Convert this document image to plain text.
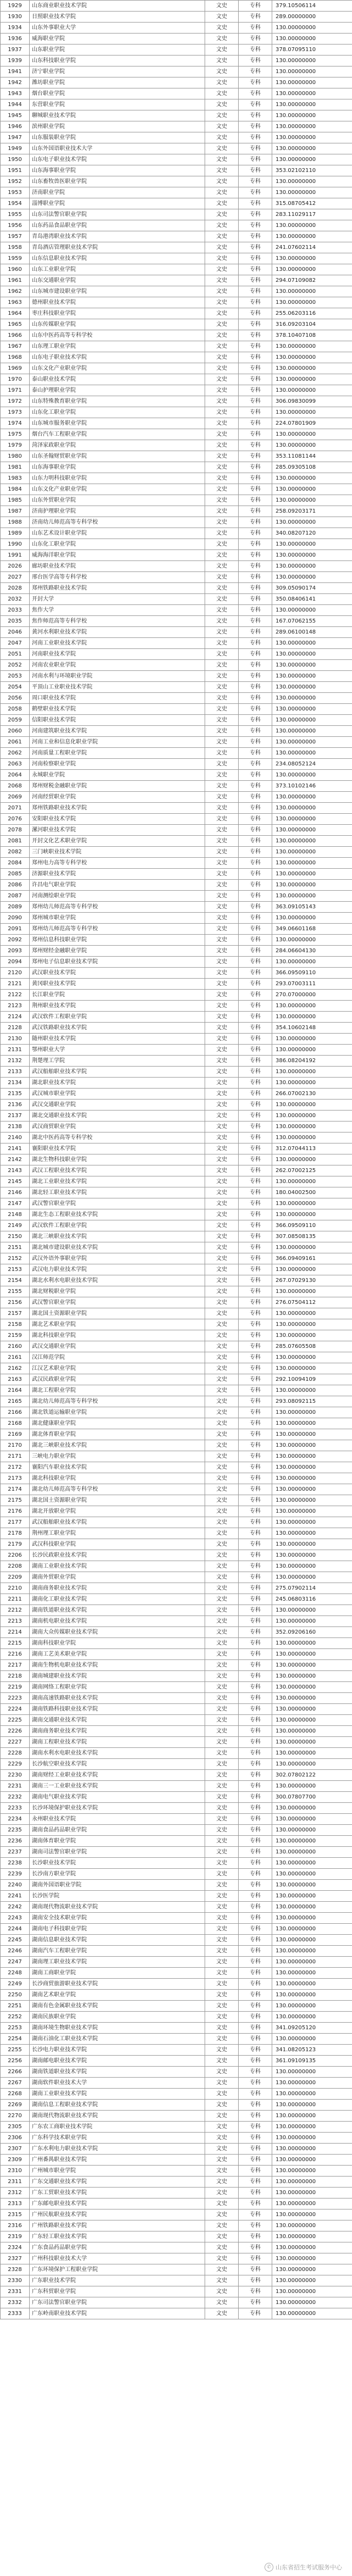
1929	山东商业职业技术学院	文史	专科	379.10506114
1930	日照职业技术学院	文史	专科	289.00000000
1934	山东外事职业大学	文史	专科	130.00000000
1936	威海职业学院	文史	专科	130.00000000
1937	山东职业学院	文史	专科	378.07095110
1939	山东科技职业学院	文史	专科	130.00000000
1941	济宁职业学院	文史	专科	130.00000000
1942	潍坊职业学院	文史	专科	130.00000000
1943	烟台职业学院	文史	专科	130.00000000
1944	东营职业学院	文史	专科	130.00000000
1945	聊城职业技术学院	文史	专科	130.00000000
1946	滨州职业学院	文史	专科	130.00000000
1947	山东服装职业学院	文史	专科	130.00000000
1949	山东外国语职业技术大学	文史	专科	130.00000000
1950	山东电子职业技术学院	文史	专科	130.00000000
1951	山东海事职业学院	文史	专科	353.02102110
1952	山东畜牧兽医职业学院	文史	专科	130.00000000
1953	济南职业学院	文史	专科	130.00000000
1954	淄博职业学院	文史	专科	315.08705412
1955	山东司法警官职业学院	文史	专科	283.11029117
1956	山东药品食品职业学院	文史	专科	130.00000000
1957	青岛港湾职业技术学院	文史	专科	130.00000000
1958	青岛酒店管理职业技术学院	文史	专科	241.07602114
1959	山东信息职业技术学院	文史	专科	130.00000000
1960	山东工业职业学院	文史	专科	130.00000000
1961	山东交通职业学院	文史	专科	294.07109082
1962	山东城市建设职业学院	文史	专科	130.00000000
1963	德州职业技术学院	文史	专科	130.00000000
1964	枣庄科技职业学院	文史	专科	255.06203116
1965	山东传媒职业学院	文史	专科	316.09203104
1966	山东中医药高等专科学校	文史	专科	378.10407108
1967	山东理工职业学院	文史	专科	130.00000000
1968	山东电子职业技术学院	文史	专科	130.00000000
1969	山东文化产业职业学院	文史	专科	130.00000000
1970	泰山职业技术学院	文史	专科	130.00000000
1971	泰山护理职业学院	文史	专科	130.00000000
1972	山东特殊教育职业学院	文史	专科	306.09830099
1973	山东化工职业学院	文史	专科	130.00000000
1974	山东城市服务职业学院	文史	专科	224.07801909
1975	烟台汽车工程职业学院	文史	专科	130.00000000
1979	菏泽家政职业学院	文史	专科	130.00000000
1980	山东圣翰财贸职业学院	文史	专科	353.11081144
1981	山东海事职业学院	文史	专科	285.09305108
1983	山东力明科技职业学院	文史	专科	130.00000000
1984	山东文化产业职业学院	文史	专科	130.00000000
1985	山东外贸职业学院	文史	专科	130.00000000
1987	济南护理职业学院	文史	专科	258.09203171
1988	济南幼儿师范高等专科学校	文史	专科	130.00000000
1989	山东艺术设计职业学院	文史	专科	340.08207120
1990	山东化工职业学院	文史	专科	130.00000000
1991	威海海洋职业学院	文史	专科	130.00000000
2026	廊坊职业技术学院	文史	专科	130.00000000
2027	邢台医学高等专科学校	文史	专科	130.00000000
2028	郑州铁路职业技术学院	文史	专科	309.05090174
2032	开封大学	文史	专科	350.08406141
2033	焦作大学	文史	专科	130.00000000
2035	焦作师范高等专科学校	文史	专科	167.07062155
2046	黄河水利职业技术学院	文史	专科	289.06100148
2047	河南工业职业技术学院	文史	专科	130.00000000
2051	河南职业技术学院	文史	专科	130.00000000
2052	河南农业职业学院	文史	专科	130.00000000
2053	河南水利与环境职业学院	文史	专科	130.00000000
2054	平顶山工业职业技术学院	文史	专科	130.00000000
2056	周口职业技术学院	文史	专科	130.00000000
2058	鹤壁职业技术学院	文史	专科	130.00000000
2059	信阳职业技术学院	文史	专科	130.00000000
2060	河南建筑职业技术学院	文史	专科	130.00000000
2061	河南工业和信息化职业学院	文史	专科	130.00000000
2062	河南质量工程职业学院	文史	专科	130.00000000
2063	河南检察职业学院	文史	专科	234.08052124
2064	永城职业学院	文史	专科	130.00000000
2068	郑州财税金融职业学院	文史	专科	373.10102146
2069	河南经贸职业学院	文史	专科	130.00000000
2071	郑州铁路职业技术学院	文史	专科	130.00000000
2076	安阳职业技术学院	文史	专科	130.00000000
2078	漯河职业技术学院	文史	专科	130.00000000
2081	开封文化艺术职业学院	文史	专科	130.00000000
2082	三门峡职业技术学院	文史	专科	130.00000000
2084	郑州电力高等专科学校	文史	专科	130.00000000
2085	济源职业技术学院	文史	专科	130.00000000
2086	许昌电气职业学院	文史	专科	130.00000000
2087	河南测绘职业学院	文史	专科	130.00000000
2089	郑州幼儿师范高等专科学校	文史	专科	363.09105143
2090	郑州城市职业学院	文史	专科	130.00000000
2091	郑州幼儿师范高等专科学校	文史	专科	349.06601168
2092	郑州信息科技职业学院	文史	专科	130.00000000
2093	郑州财经金融职业学院	文史	专科	284.06604130
2094	郑州电子信息职业技术学院	文史	专科	130.00000000
2120	武汉职业技术学院	文史	专科	366.09509110
2121	黄冈职业技术学院	文史	专科	293.07003111
2122	长江职业学院	文史	专科	270.07000000
2123	荆州职业技术学院	文史	专科	130.00000000
2124	武汉软件工程职业学院	文史	专科	130.00000000
2128	武汉铁路职业技术学院	文史	专科	354.10602148
2130	随州职业技术学院	文史	专科	130.00000000
2131	鄂州职业大学	文史	专科	130.00000000
2132	荆楚理工学院	文史	专科	386.08204192
2133	武汉船舶职业技术学院	文史	专科	130.00000000
2134	湖北职业技术学院	文史	专科	130.00000000
2135	武汉城市职业学院	文史	专科	266.07002130
2136	武汉交通职业学院	文史	专科	130.00000000
2137	湖北交通职业技术学院	文史	专科	130.00000000
2138	武汉商贸职业学院	文史	专科	130.00000000
2140	湖北中医药高等专科学校	文史	专科	130.00000000
2141	襄阳职业技术学院	文史	专科	312.07044113
2142	湖北生物科技职业学院	文史	专科	130.00000000
2143	武汉工程职业技术学院	文史	专科	262.07002125
2145	湖北工业职业技术学院	文史	专科	130.00000000
2146	湖北轻工职业技术学院	文史	专科	180.04002500
2147	武汉警官职业学院	文史	专科	130.00000000
2148	湖北生态工程职业技术学院	文史	专科	130.00000000
2149	武汉软件工程职业学院	文史	专科	366.09509110
2150	湖北三峡职业技术学院	文史	专科	307.08508135
2151	湖北城市建设职业技术学院	文史	专科	130.00000000
2152	武汉外语外事职业学院	文史	专科	366.09409161
2153	武汉电力职业技术学院	文史	专科	130.00000000
2154	湖北水利水电职业技术学院	文史	专科	267.07029130
2155	湖北财税职业学院	文史	专科	130.00000000
2156	武汉警官职业学院	文史	专科	276.07504112
2157	湖北国土资源职业学院	文史	专科	130.00000000
2158	湖北艺术职业学院	文史	专科	130.00000000
2159	湖北科技职业学院	文史	专科	130.00000000
2160	武汉交通职业学院	文史	专科	285.07605508
2161	汉江师范学院	文史	专科	130.00000000
2162	江汉艺术职业学院	文史	专科	130.00000000
2163	武汉民政职业学院	文史	专科	292.10094109
2164	湖北工程职业学院	文史	专科	130.00000000
2165	湖北幼儿师范高等专科学校	文史	专科	293.08092115
2166	湖北铁道运输职业学院	文史	专科	130.00000000
2168	湖北健康职业学院	文史	专科	130.00000000
2169	湖北体育职业学院	文史	专科	130.00000000
2170	湖北三峡职业技术学院	文史	专科	130.00000000
2171	三峡电力职业学院	文史	专科	130.00000000
2172	襄阳汽车职业技术学院	文史	专科	130.00000000
2173	湖北科技职业学院	文史	专科	130.00000000
2174	湖北幼儿师范高等专科学校	文史	专科	130.00000000
2175	湖北国土资源职业学院	文史	专科	130.00000000
2176	湖北开放职业学院	文史	专科	130.00000000
2177	武汉船舶职业技术学院	文史	专科	130.00000000
2178	荆州理工职业学院	文史	专科	130.00000000
2179	武汉科技职业学院	文史	专科	130.00000000
2206	长沙民政职业技术学院	文史	专科	130.00000000
2208	湖南工业职业技术学院	文史	专科	130.00000000
2209	湖南外贸职业学院	文史	专科	130.00000000
2210	湖南商务职业技术学院	文史	专科	275.07902114
2211	湖南化工职业技术学院	文史	专科	245.06803116
2212	湖南铁道职业技术学院	文史	专科	130.00000000
2213	湖南机电职业技术学院	文史	专科	130.00000000
2214	湖南大众传媒职业技术学院	文史	专科	352.09206160
2215	湖南科技职业学院	文史	专科	130.00000000
2216	湖南工艺美术职业学院	文史	专科	130.00000000
2217	湖南生物机电职业技术学院	文史	专科	130.00000000
2218	湖南城建职业技术学院	文史	专科	130.00000000
2219	湖南网络工程职业学院	文史	专科	130.00000000
2223	湖南高速铁路职业技术学院	文史	专科	130.00000000
2224	湖南铁路科技职业技术学院	文史	专科	130.00000000
2225	湖南交通职业技术学院	文史	专科	130.00000000
2226	湖南商务职业技术学院	文史	专科	130.00000000
2227	湖南工程职业技术学院	文史	专科	130.00000000
2228	湖南水利水电职业技术学院	文史	专科	130.00000000
2229	长沙航空职业技术学院	文史	专科	130.00000000
2230	湖南财经工业职业技术学院	文史	专科	302.07802122
2231	湖南三一工业职业技术学院	文史	专科	130.00000000
2232	湖南电气职业技术学院	文史	专科	300.07807700
2233	长沙环境保护职业技术学院	文史	专科	130.00000000
2234	永州职业技术学院	文史	专科	130.00000000
2235	湖南食品药品职业学院	文史	专科	130.00000000
2236	湖南体育职业学院	文史	专科	130.00000000
2237	湖南司法警官职业学院	文史	专科	130.00000000
2238	长沙职业技术学院	文史	专科	130.00000000
2239	长沙南方职业学院	文史	专科	130.00000000
2240	湖南外国语职业学院	文史	专科	130.00000000
2241	长沙医学院	文史	专科	130.00000000
2242	湖南现代物流职业技术学院	文史	专科	130.00000000
2243	湖南安全技术职业学院	文史	专科	130.00000000
2244	湖南电子科技职业学院	文史	专科	130.00000000
2245	湖南信息职业技术学院	文史	专科	130.00000000
2246	湖南汽车工程职业学院	文史	专科	130.00000000
2247	湖南理工职业技术学院	文史	专科	130.00000000
2248	湖南工商职业学院	文史	专科	130.00000000
2249	长沙商贸旅游职业技术学院	文史	专科	130.00000000
2250	湖南艺术职业学院	文史	专科	130.00000000
2251	湖南有色金属职业技术学院	文史	专科	130.00000000
2252	湖南民族职业学院	文史	专科	130.00000000
2253	湖南环境生物职业技术学院	文史	专科	341.09205120
2254	湖南石油化工职业技术学院	文史	专科	130.00000000
2255	长沙电力职业技术学院	文史	专科	341.08205123
2256	湖南邮电职业技术学院	文史	专科	361.09109135
2266	湖南铁道职业技术学院	文史	专科	130.00000000
2267	湖南软件职业技术大学	文史	专科	130.00000000
2268	湖南工业职业技术学院	文史	专科	130.00000000
2269	湖南信息工程职业技术学院	文史	专科	130.00000000
2270	湖南现代物流职业技术学院	文史	专科	130.00000000
2305	广东农工商职业技术学院	文史	专科	130.00000000
2306	广东科学技术职业学院	文史	专科	130.00000000
2307	广东水利电力职业技术学院	文史	专科	130.00000000
2309	广州番禺职业技术学院	文史	专科	130.00000000
2310	广州城市职业学院	文史	专科	130.00000000
2311	广东交通职业技术学院	文史	专科	130.00000000
2312	广东工贸职业技术学院	文史	专科	130.00000000
2313	广东邮电职业技术学院	文史	专科	130.00000000
2315	广州民航职业技术学院	文史	专科	130.00000000
2316	广州铁路职业技术学院	文史	专科	130.00000000
2319	广东轻工职业技术学院	文史	专科	130.00000000
2324	广东食品药品职业学院	文史	专科	130.00000000
2327	广州科技职业技术大学	文史	专科	130.00000000
2328	广东环境保护工程职业学院	文史	专科	130.00000000
2330	广东职业技术学院	文史	专科	130.00000000
2331	广东科贸职业学院	文史	专科	130.00000000
2332	广东司法警官职业学院	文史	专科	130.00000000
2333	广东岭南职业技术学院	文史	专科	130.00000000
✆ 山东省招生考试服务中心
